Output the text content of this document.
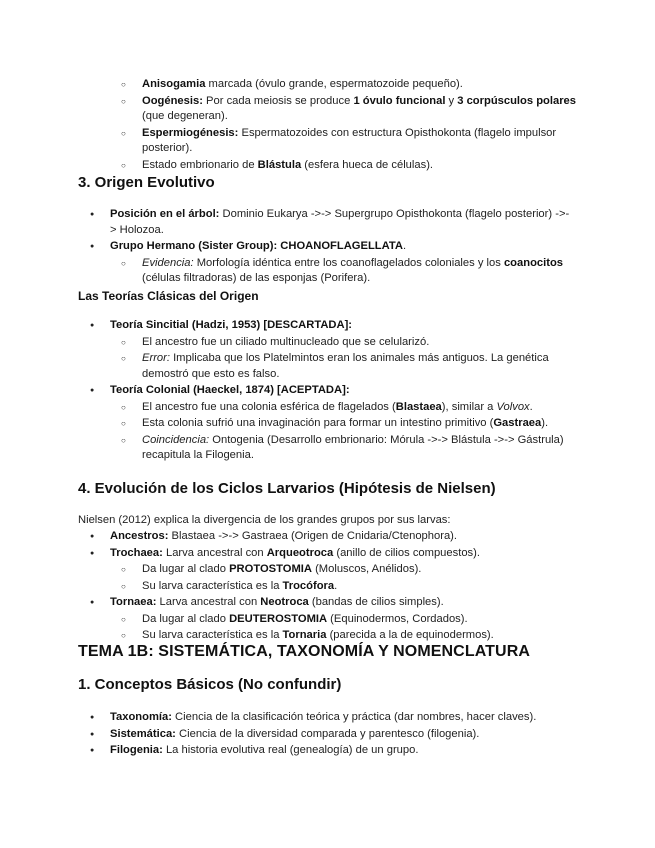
○ Anisogamia marcada (óvulo grande, espermatozoide pequeño).
○ Oogénesis: Por cada meiosis se produce 1 óvulo funcional y 3 corpúsculos polares (que degeneran).
○ Espermiogénesis: Espermatozoides con estructura Opisthokonta (flagelo impulsor posterior).
○ Estado embrionario de Blástula (esfera hueca de células).
3. Origen Evolutivo
● Posición en el árbol: Dominio Eukarya ->-> Supergrupo Opisthokonta (flagelo posterior) ->-> Holozoa.
● Grupo Hermano (Sister Group): CHOANOFLAGELLATA.
○ Evidencia: Morfología idéntica entre los coanoflagelados coloniales y los coanocitos (células filtradoras) de las esponjas (Porifera).
Las Teorías Clásicas del Origen
● Teoría Sincitial (Hadzi, 1953) [DESCARTADA]:
○ El ancestro fue un ciliado multinucleado que se celularizó.
○ Error: Implicaba que los Platelmintos eran los animales más antiguos. La genética demostró que esto es falso.
● Teoría Colonial (Haeckel, 1874) [ACEPTADA]:
○ El ancestro fue una colonia esférica de flagelados (Blastaea), similar a Volvox.
○ Esta colonia sufrió una invaginación para formar un intestino primitivo (Gastraea).
○ Coincidencia: Ontogenia (Desarrollo embrionario: Mórula ->-> Blástula ->-> Gástrula) recapitula la Filogenia.
4. Evolución de los Ciclos Larvarios (Hipótesis de Nielsen)
Nielsen (2012) explica la divergencia de los grandes grupos por sus larvas:
● Ancestros: Blastaea ->-> Gastraea (Origen de Cnidaria/Ctenophora).
● Trochaea: Larva ancestral con Arqueotroca (anillo de cilios compuestos).
○ Da lugar al clado PROTOSTOMIA (Moluscos, Anélidos).
○ Su larva característica es la Trocófora.
● Tornaea: Larva ancestral con Neotroca (bandas de cilios simples).
○ Da lugar al clado DEUTEROSTOMIA (Equinodermos, Cordados).
○ Su larva característica es la Tornaria (parecida a la de equinodermos).
TEMA 1B: SISTEMÁTICA, TAXONOMÍA Y NOMENCLATURA
1. Conceptos Básicos (No confundir)
● Taxonomía: Ciencia de la clasificación teórica y práctica (dar nombres, hacer claves).
● Sistemática: Ciencia de la diversidad comparada y parentesco (filogenia).
● Filogenia: La historia evolutiva real (genealogía) de un grupo.
